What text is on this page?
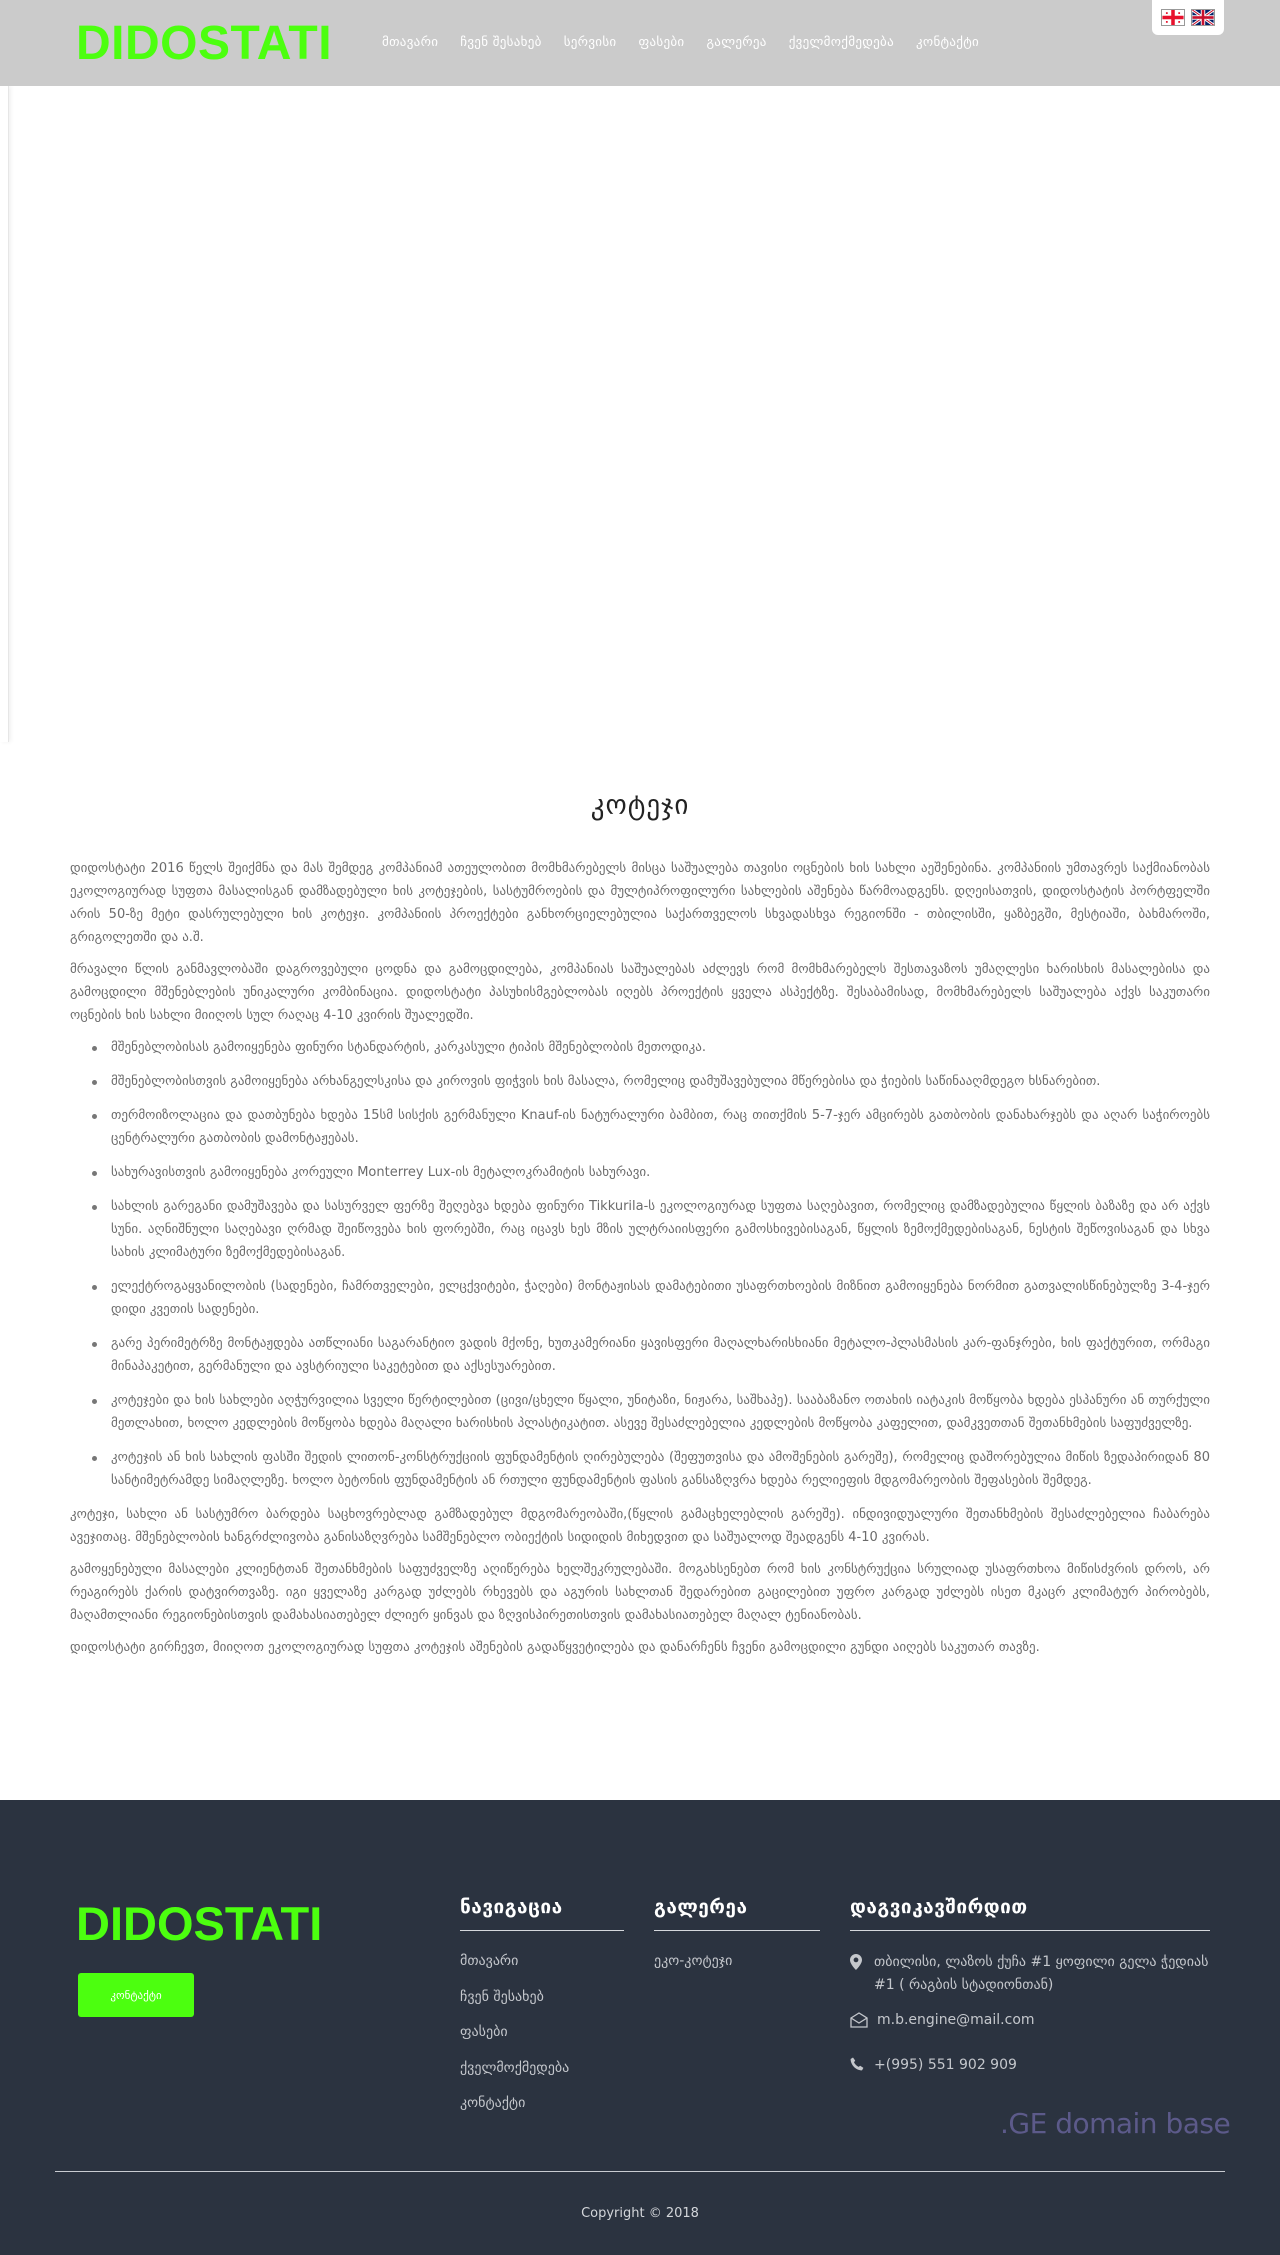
DIDOSTATI	მთავარი ჩვენ შესახებ სერვისი ფასები გალერეა ქველმოქმედება კონტაქტი
კოტეჯი

დიდოსტატი 2016 წელს შეიქმნა და მას შემდეგ კომპანიამ ათეულობით მომხმარებელს მისცა საშუალება თავისი ოცნების ხის სახლი აეშენებინა. კომპანიის უმთავრეს საქმიანობას ეკოლოგიურად სუფთა მასალისგან დამზადებული ხის კოტეჯების, სასტუმროების და მულტიპროფილური სახლების აშენება წარმოადგენს. დღეისათვის, დიდოსტატის პორტფელში არის 50-ზე მეტი დასრულებული ხის კოტეჯი. კომპანიის პროექტები განხორციელებულია საქართველოს სხვადასხვა რეგიონში - თბილისში, ყაზბეგში, მესტიაში, ბახმაროში, გრიგოლეთში და ა.შ.

მრავალი წლის განმავლობაში დაგროვებული ცოდნა და გამოცდილება, კომპანიას საშუალებას აძლევს რომ მომხმარებელს შესთავაზოს უმაღლესი ხარისხის მასალებისა და გამოცდილი მშენებლების უნიკალური კომბინაცია. დიდოსტატი პასუხისმგებლობას იღებს პროექტის ყველა ასპექტზე. შესაბამისად, მომხმარებელს საშუალება აქვს საკუთარი ოცნების ხის სახლი მიიღოს სულ რაღაც 4-10 კვირის შუალედში.

მშენებლობისას გამოიყენება ფინური სტანდარტის, კარკასული ტიპის მშენებლობის მეთოდიკა.
მშენებლობისთვის გამოიყენება არხანგელსკისა და კიროვის ფიჭვის ხის მასალა, რომელიც დამუშავებულია მწერებისა და ჭიების საწინააღმდეგო ხსნარებით.
თერმოიზოლაცია და დათბუნება ხდება 15სმ სისქის გერმანული Knauf-ის ნატურალური ბამბით, რაც თითქმის 5-7-ჯერ ამცირებს გათბობის დანახარჯებს და აღარ საჭიროებს ცენტრალური გათბობის დამონტაჟებას.
სახურავისთვის გამოიყენება კორეული Monterrey Lux-ის მეტალოკრამიტის სახურავი.
სახლის გარეგანი დამუშავება და სასურველ ფერზე შეღებვა ხდება ფინური Tikkurila-ს ეკოლოგიურად სუფთა საღებავით, რომელიც დამზადებულია წყლის ბაზაზე და არ აქვს სუნი. აღნიშნული საღებავი ღრმად შეიწოვება ხის ფორებში, რაც იცავს ხეს მზის ულტრაიისფერი გამოსხივებისაგან, წყლის ზემოქმედებისაგან, ნესტის შეწოვისაგან და სხვა სახის კლიმატური ზემოქმედებისაგან.
ელექტროგაყვანილობის (სადენები, ჩამრთველები, ელცქვიტები, ჭაღები) მონტაჟისას დამატებითი უსაფრთხოების მიზნით გამოიყენება ნორმით გათვალისწინებულზე 3-4-ჯერ დიდი კვეთის სადენები.
გარე პერიმეტრზე მონტაჟდება ათწლიანი საგარანტიო ვადის მქონე, ხუთკამერიანი ყავისფერი მაღალხარისხიანი მეტალო-პლასმასის კარ-ფანჯრები, ხის ფაქტურით, ორმაგი მინაპაკეტით, გერმანული და ავსტრიული საკეტებით და აქსესუარებით.
კოტეჯები და ხის სახლები აღჭურვილია სველი წერტილებით (ცივი/ცხელი წყალი, უნიტაზი, ნიჟარა, საშხაპე). სააბაზანო ოთახის იატაკის მოწყობა ხდება ესპანური ან თურქული მეთლახით, ხოლო კედლების მოწყობა ხდება მაღალი ხარისხის პლასტიკატით. ასევე შესაძლებელია კედლების მოწყობა კაფელით, დამკვეთთან შეთანხმების საფუძველზე.
კოტეჯის ან ხის სახლის ფასში შედის ლითონ-კონსტრუქციის ფუნდამენტის ღირებულება (შეფუთვისა და ამოშენების გარეშე), რომელიც დაშორებულია მიწის ზედაპირიდან 80 სანტიმეტრამდე სიმაღლეზე. ხოლო ბეტონის ფუნდამენტის ან რთული ფუნდამენტის ფასის განსაზღვრა ხდება რელიეფის მდგომარეობის შეფასების შემდეგ.

კოტეჯი, სახლი ან სასტუმრო ბარდება საცხოვრებლად გამზადებულ მდგომარეობაში,(წყლის გამაცხელებლის გარეშე). ინდივიდუალური შეთანხმების შესაძლებელია ჩაბარება ავეჯითაც. მშენებლობის ხანგრძლივობა განისაზღვრება სამშენებლო ობიექტის სიდიდის მიხედვით და საშუალოდ შეადგენს 4-10 კვირას.

გამოყენებული მასალები კლიენტთან შეთანხმების საფუძველზე აღიწერება ხელშეკრულებაში. მოგახსენებთ რომ ხის კონსტრუქცია სრულიად უსაფრთხოა მიწისძვრის დროს, არ რეაგირებს ქარის დატვირთვაზე. იგი ყველაზე კარგად უძლებს რხევებს და აგურის სახლთან შედარებით გაცილებით უფრო კარგად უძლებს ისეთ მკაცრ კლიმატურ პირობებს, მაღამთლიანი რეგიონებისთვის დამახასიათებელ ძლიერ ყინვას და ზღვისპირეთისთვის დამახასიათებელ მაღალ ტენიანობას.

დიდოსტატი გირჩევთ, მიიღოთ ეკოლოგიურად სუფთა კოტეჯის აშენების გადაწყვეტილება და დანარჩენს ჩვენი გამოცდილი გუნდი აიღებს საკუთარ თავზე.

DIDOSTATI
კონტაქტი
ნავიგაცია
მთავარი
ჩვენ შესახებ
ფასები
ქველმოქმედება
კონტაქტი
გალერეა
ეკო-კოტეჯი
დაგვიკავშირდით
თბილისი, ლაზოს ქუჩა #1 ყოფილი გელა ჭედიას #1 ( რაგბის სტადიონთან)
m.b.engine@mail.com
+(995) 551 902 909
.GE domain base
Copyright © 2018
